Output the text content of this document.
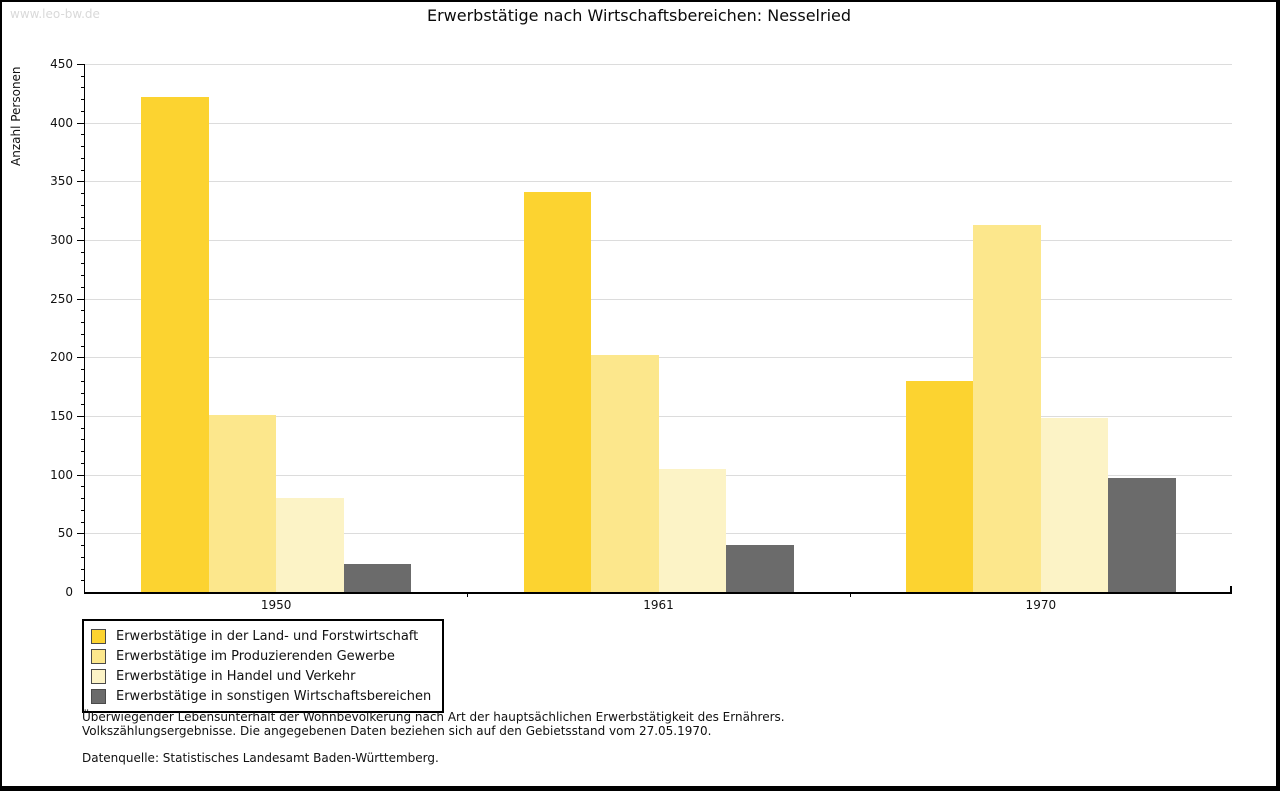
www.leo-bw.de	Erwerbstätige nach Wirtschaftsbereichen: Nesselried
Anzahl Personen
0
50
100
150
200
250
300
350
400
450
1950	1961	1970
Erwerbstätige in der Land- und Forstwirtschaft
Erwerbstätige im Produzierenden Gewerbe
Erwerbstätige in Handel und Verkehr
Erwerbstätige in sonstigen Wirtschaftsbereichen
Überwiegender Lebensunterhalt der Wohnbevölkerung nach Art der hauptsächlichen Erwerbstätigkeit des Ernährers.
Volkszählungsergebnisse. Die angegebenen Daten beziehen sich auf den Gebietsstand vom 27.05.1970.
Datenquelle: Statistisches Landesamt Baden-Württemberg.
